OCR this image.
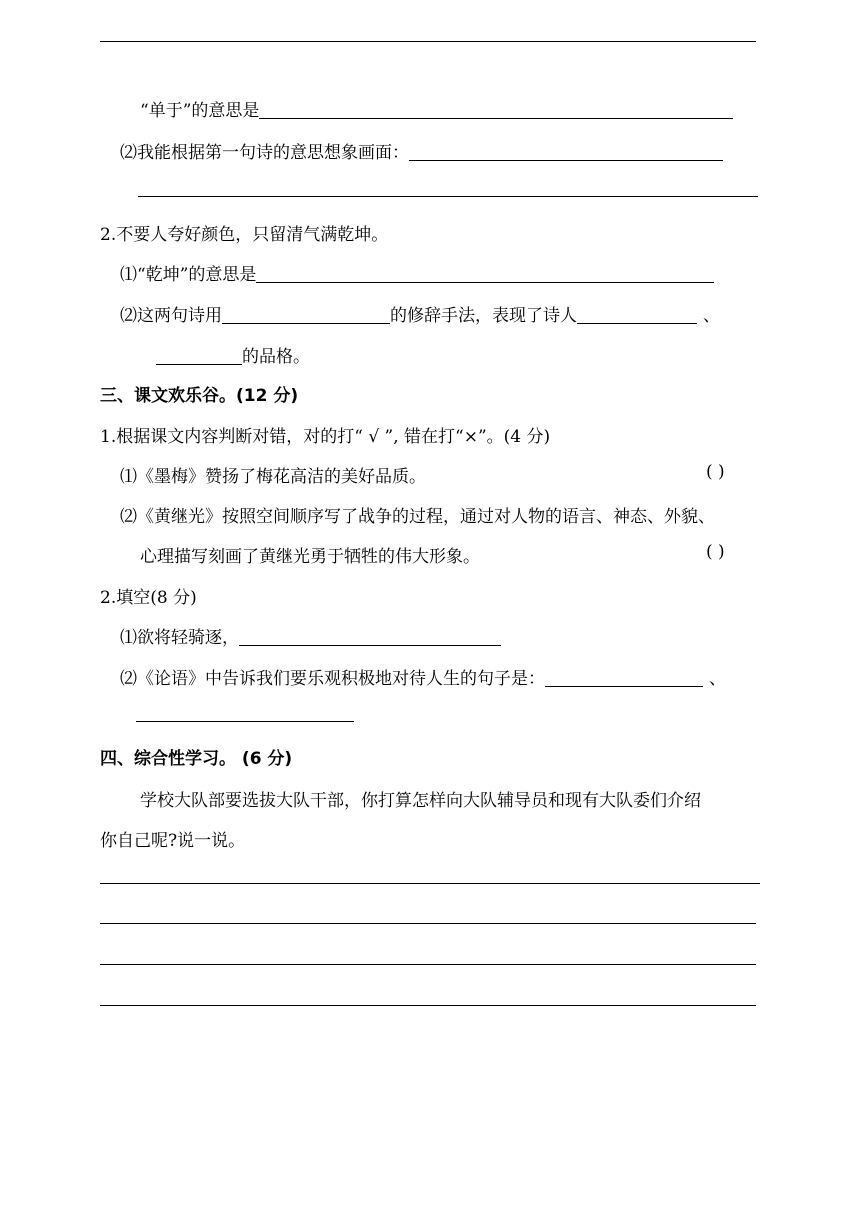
“单于”的意思是
⑵我能根据第一句诗的意思想象画面：
2.不要人夸好颜色，只留清气满乾坤。
⑴“乾坤”的意思是
⑵这两句诗用	的修辞手法，表现了诗人	、
的品格。
三、课文欢乐谷。(12 分)
1.根据课文内容判断对错，对的打“ √ ”, 错在打“×”。(4 分)
⑴《墨梅》赞扬了梅花高洁的美好品质。	( )
⑵《黄继光》按照空间顺序写了战争的过程，通过对人物的语言、神态、外貌、
心理描写刻画了黄继光勇于牺牲的伟大形象。	( )
2.填空(8 分)
⑴欲将轻骑逐，
⑵《论语》中告诉我们要乐观积极地对待人生的句子是：	、
四、综合性学习。 (6 分)
学校大队部要选拔大队干部，你打算怎样向大队辅导员和现有大队委们介绍
你自己呢?说一说。
